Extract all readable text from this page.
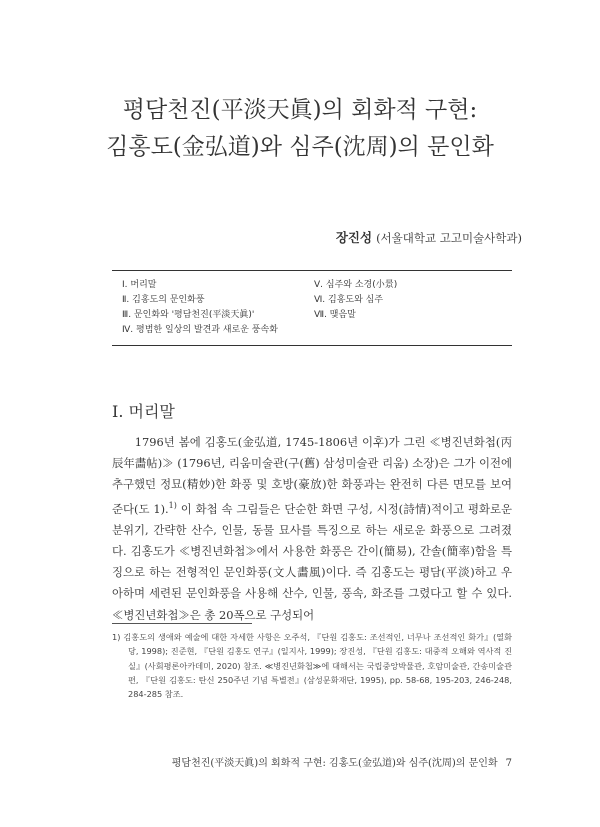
평담천진(平淡天眞)의 회화적 구현:
김홍도(金弘道)와 심주(沈周)의 문인화
장진성 (서울대학교 고고미술사학과)
Ⅰ. 머리말
Ⅱ. 김홍도의 문인화풍
Ⅲ. 문인화와 '평담천진(平淡天眞)'
Ⅳ. 평범한 일상의 발견과 새로운 풍속화
Ⅴ. 심주와 소경(小景)
Ⅵ. 김홍도와 심주
Ⅶ. 맺음말
Ⅰ. 머리말

1796년 봄에 김홍도(金弘道, 1745-1806년 이후)가 그린 ≪병진년화첩(丙辰年畵帖)≫ (1796년, 리움미술관(구(舊) 삼성미술관 리움) 소장)은 그가 이전에 추구했던 정묘(精妙)한 화풍 및 호방(豪放)한 화풍과는 완전히 다른 면모를 보여준다(도 1).$^{1)}$ 이 화첩 속 그림들은 단순한 화면 구성, 시정(詩情)적이고 평화로운 분위기, 간략한 산수, 인물, 동물 묘사를 특징으로 하는 새로운 화풍으로 그려졌다. 김홍도가 ≪병진년화첩≫에서 사용한 화풍은 간이(簡易), 간솔(簡率)함을 특징으로 하는 전형적인 문인화풍(文人畵風)이다. 즉 김홍도는 평담(平淡)하고 우아하며 세련된 문인화풍을 사용해 산수, 인물, 풍속, 화조를 그렸다고 할 수 있다. ≪병진년화첩≫은 총 20폭으로 구성되어

1) 김홍도의 생애와 예술에 대한 자세한 사항은 오주석, 『단원 김홍도: 조선적인, 너무나 조선적인 화가』(열화당, 1998); 진준현, 『단원 김홍도 연구』(일지사, 1999); 장진성, 『단원 김홍도: 대중적 오해와 역사적 진실』(사회평론아카데미, 2020) 참조. ≪병진년화첩≫에 대해서는 국립중앙박물관, 호암미술관, 간송미술관 편, 『단원 김홍도: 탄신 250주년 기념 특별전』(삼성문화재단, 1995), pp. 58-68, 195-203, 246-248, 284-285 참조.

평담천진(平淡天眞)의 회화적 구현: 김홍도(金弘道)와 심주(沈周)의 문인화 7
